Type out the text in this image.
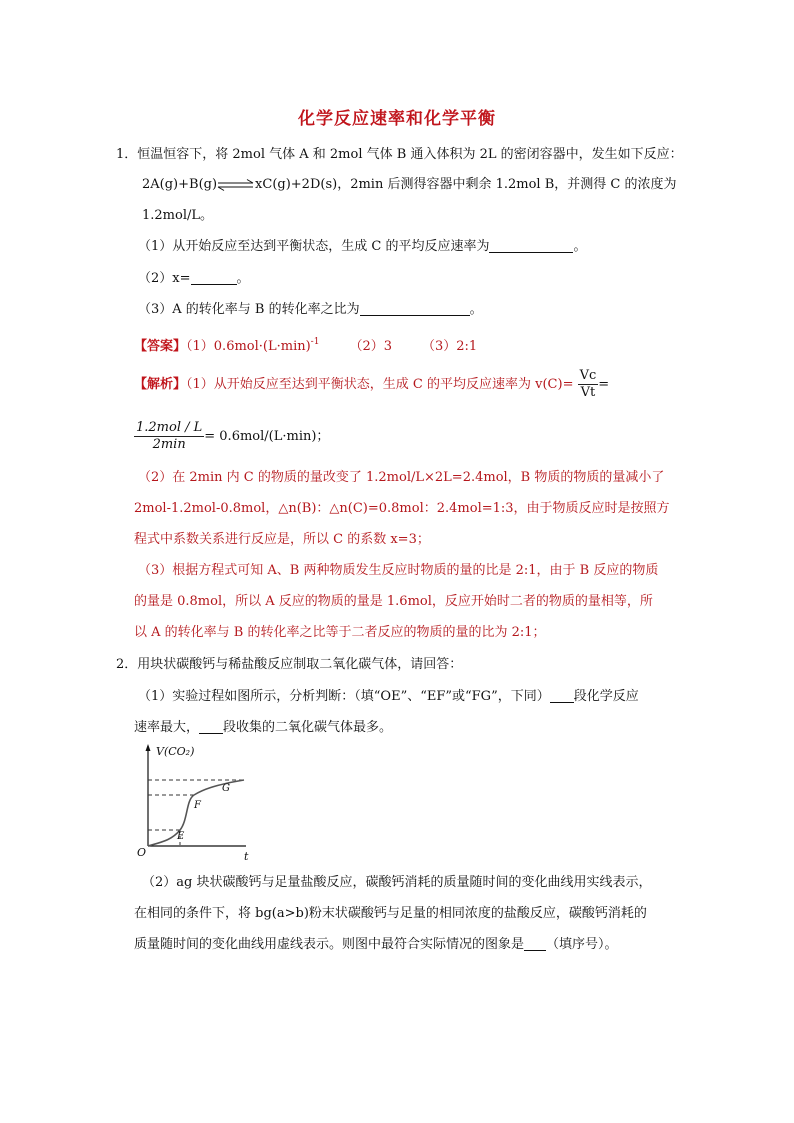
化学反应速率和化学平衡
1．恒温恒容下，将 2mol 气体 A 和 2mol 气体 B 通入体积为 2L 的密闭容器中，发生如下反应：
2A(g)+B(g)⇌xC(g)+2D(s)，2min 后测得容器中剩余 1.2mol B，并测得 C 的浓度为
1.2mol/L。
（1）从开始反应至达到平衡状态，生成 C 的平均反应速率为	。
（2）x=	。
（3）A 的转化率与 B 的转化率之比为	。
【答案】$(1)0.6mol\cdot(L\cdot\min)^{-1}$ （2）3 （3）2:1
【解析】（1）从开始反应至达到平衡状态，生成 C 的平均反应速率为 $v(C)= \frac{Vc}{Vt}$ =
$\frac{\text{1.2mol / L}}{2\min} = 0.6mol/(L\cdot\min)$；
（2）在 2min 内 C 的物质的量改变了 1.2mol/L×2L=2.4mol，B 物质的物质的量减小了
2mol-1.2mol-0.8mol，△n(B)：△n(C)=0.8mol：2.4mol=1:3，由于物质反应时是按照方
程式中系数关系进行反应是，所以 C 的系数 x=3；
（3）根据方程式可知 A、B 两种物质发生反应时物质的量的比是 2:1，由于 B 反应的物质
的量是 0.8mol，所以 A 反应的物质的量是 1.6mol，反应开始时二者的物质的量相等，所
以 A 的转化率与 B 的转化率之比等于二者反应的物质的量的比为 2:1；
2．用块状碳酸钙与稀盐酸反应制取二氧化碳气体，请回答：
（1）实验过程如图所示，分析判断：（填“OE”、“EF”或“FG”，下同） 段化学反应
速率最大， 段收集的二氧化碳气体最多。
V(CO₂)
t
O
E
F
G
（2）ag 块状碳酸钙与足量盐酸反应，碳酸钙消耗的质量随时间的变化曲线用实线表示，
在相同的条件下，将 bg(a>b)粉末状碳酸钙与足量的相同浓度的盐酸反应，碳酸钙消耗的
质量随时间的变化曲线用虚线表示。则图中最符合实际情况的图象是 （填序号）。
